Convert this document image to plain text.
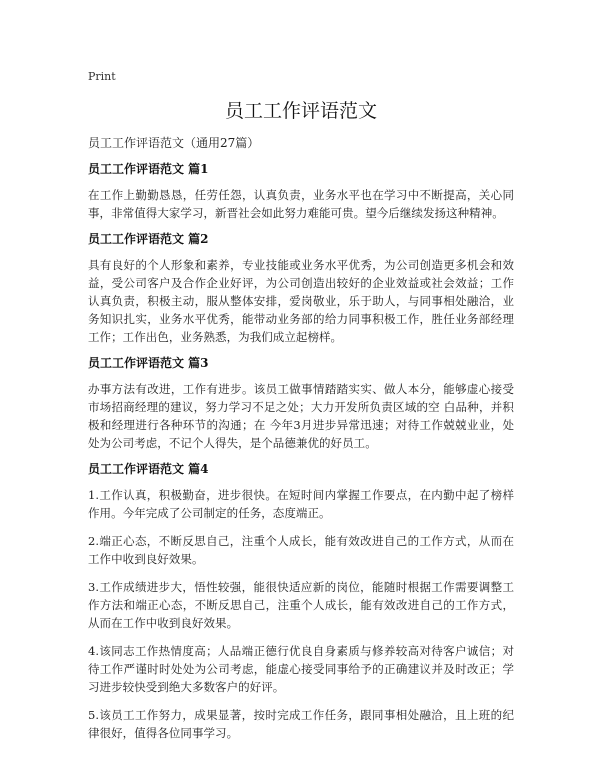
Print
员工工作评语范文
员工工作评语范文（通用27篇）
员工工作评语范文 篇1

在工作上勤勤恳恳，任劳任怨，认真负责，业务水平也在学习中不断提高，关心同事，非常值得大家学习，新晋社会如此努力难能可贵。望今后继续发扬这种精神。

员工工作评语范文 篇2

具有良好的个人形象和素养，专业技能或业务水平优秀，为公司创造更多机会和效益，受公司客户及合作企业好评，为公司创造出较好的企业效益或社会效益；工作认真负责，积极主动，服从整体安排，爱岗敬业，乐于助人，与同事相处融洽，业务知识扎实，业务水平优秀，能带动业务部的给力同事积极工作，胜任业务部经理工作；工作出色，业务熟悉，为我们成立起榜样。

员工工作评语范文 篇3

办事方法有改进，工作有进步。该员工做事情踏踏实实、做人本分，能够虚心接受市场招商经理的建议，努力学习不足之处；大力开发所负责区域的空 白品种，并积极和经理进行各种环节的沟通；在 今年3月进步异常迅速；对待工作兢兢业业，处处为公司考虑，不记个人得失，是个品德兼优的好员工。

员工工作评语范文 篇4

1.工作认真，积极勤奋，进步很快。在短时间内掌握工作要点，在内勤中起了榜样作用。今年完成了公司制定的任务，态度端正。

2.端正心态，不断反思自己，注重个人成长，能有效改进自己的工作方式，从而在工作中收到良好效果。

3.工作成绩进步大，悟性较强，能很快适应新的岗位，能随时根据工作需要调整工作方法和端正心态，不断反思自己，注重个人成长，能有效改进自己的工作方式，从而在工作中收到良好效果。

4.该同志工作热情度高；人品端正德行优良自身素质与修养较高对待客户诚信；对待工作严谨时时处处为公司考虑，能虚心接受同事给予的正确建议并及时改正；学习进步较快受到绝大多数客户的好评。

5.该员工工作努力，成果显著，按时完成工作任务，跟同事相处融洽，且上班的纪律很好，值得各位同事学习。
